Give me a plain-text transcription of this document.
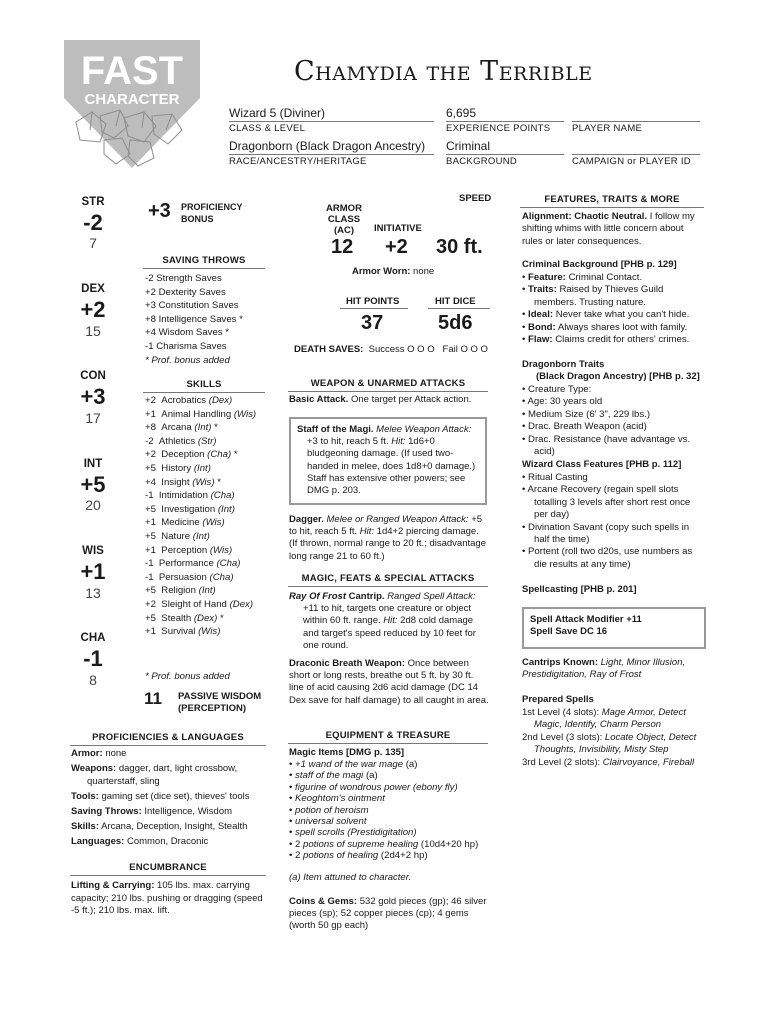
FAST
CHARACTER
Chamydia the Terrible
Wizard 5 (Diviner)
CLASS & LEVEL
6,695
EXPERIENCE POINTS PLAYER NAME
Dragonborn (Black Dragon Ancestry)
RACE/ANCESTRY/HERITAGE
Criminal
BACKGROUND	CAMPAIGN or PLAYER ID
STR
-2
7
DEX
+2
15
CON
+3
17
INT
+5
20
WIS
+1
13
CHA
-1
8
+3 PROFICIENCY
BONUS
SAVING THROWS
-2 Strength Saves
+2 Dexterity Saves
+3 Constitution Saves
+8 Intelligence Saves *
+4 Wisdom Saves *
-1 Charisma Saves
* Prof. bonus added
SKILLS
+2 Acrobatics (Dex)
+1 Animal Handling (Wis)
+8 Arcana (Int) *
-2 Athletics (Str)
+2 Deception (Cha) *
+5 History (Int)
+4 Insight (Wis) *
-1 Intimidation (Cha)
+5 Investigation (Int)
+1 Medicine (Wis)
+5 Nature (Int)
+1 Perception (Wis)
-1 Performance (Cha)
-1 Persuasion (Cha)
+5 Religion (Int)
+2 Sleight of Hand (Dex)
+5 Stealth (Dex) *
+1 Survival (Wis)
* Prof. bonus added
11 PASSIVE WISDOM
(PERCEPTION)
PROFICIENCIES & LANGUAGES
Armor: none
Weapons: dagger, dart, light crossbow, quarterstaff, sling
Tools: gaming set (dice set), thieves' tools
Saving Throws: Intelligence, Wisdom
Skills: Arcana, Deception, Insight, Stealth
Languages: Common, Draconic
ENCUMBRANCE
Lifting & Carrying: 105 lbs. max. carrying capacity; 210 lbs. pushing or dragging (speed -5 ft.); 210 lbs. max. lift.
ARMOR CLASS (AC)
12
INITIATIVE
+2
SPEED
30 ft.
Armor Worn: none
HIT POINTS
37
HIT DICE
5d6
DEATH SAVES: Success O O O Fail O O O
WEAPON & UNARMED ATTACKS
Basic Attack. One target per Attack action.
Staff of the Magi. Melee Weapon Attack:
+3 to hit, reach 5 ft. Hit: 1d6+0 bludgeoning damage. (If used two-handed in melee, does 1d8+0 damage.) Staff has extensive other powers; see DMG p. 203.
Dagger. Melee or Ranged Weapon Attack: +5 to hit, reach 5 ft. Hit: 1d4+2 piercing damage. (If thrown, normal range to 20 ft.; disadvantage long range 21 to 60 ft.)
MAGIC, FEATS & SPECIAL ATTACKS
Ray Of Frost Cantrip. Ranged Spell Attack:
+11 to hit, targets one creature or object within 60 ft. range. Hit: 2d8 cold damage and target's speed reduced by 10 feet for one round.
Draconic Breath Weapon: Once between short or long rests, breathe out 5 ft. by 30 ft. line of acid causing 2d6 acid damage (DC 14 Dex save for half damage) to all caught in area.
EQUIPMENT & TREASURE
Magic Items [DMG p. 135]
• +1 wand of the war mage (a)
• staff of the magi (a)
• figurine of wondrous power (ebony fly)
• Keoghtom's ointment
• potion of heroism
• universal solvent
• spell scrolls (Prestidigitation)
• 2 potions of supreme healing (10d4+20 hp)
• 2 potions of healing (2d4+2 hp)
(a) Item attuned to character.
Coins & Gems: 532 gold pieces (gp); 46 silver pieces (sp); 52 copper pieces (cp); 4 gems (worth 50 gp each)
FEATURES, TRAITS & MORE
Alignment: Chaotic Neutral. I follow my shifting whims with little concern about rules or later consequences.
Criminal Background [PHB p. 129]
• Feature: Criminal Contact.
• Traits: Raised by Thieves Guild members. Trusting nature.
• Ideal: Never take what you can't hide.
• Bond: Always shares loot with family.
• Flaw: Claims credit for others' crimes.
Dragonborn Traits
(Black Dragon Ancestry) [PHB p. 32]
• Creature Type:
• Age: 30 years old
• Medium Size (6' 3", 229 lbs.)
• Drac. Breath Weapon (acid)
• Drac. Resistance (have advantage vs. acid)
Wizard Class Features [PHB p. 112]
• Ritual Casting
• Arcane Recovery (regain spell slots totalling 3 levels after short rest once per day)
• Divination Savant (copy such spells in half the time)
• Portent (roll two d20s, use numbers as die results at any time)
Spellcasting [PHB p. 201]
Spell Attack Modifier +11
Spell Save DC 16
Cantrips Known: Light, Minor Illusion, Prestidigitation, Ray of Frost
Prepared Spells
1st Level (4 slots): Mage Armor, Detect Magic, Identify, Charm Person
2nd Level (3 slots): Locate Object, Detect Thoughts, Invisibility, Misty Step
3rd Level (2 slots): Clairvoyance, Fireball
